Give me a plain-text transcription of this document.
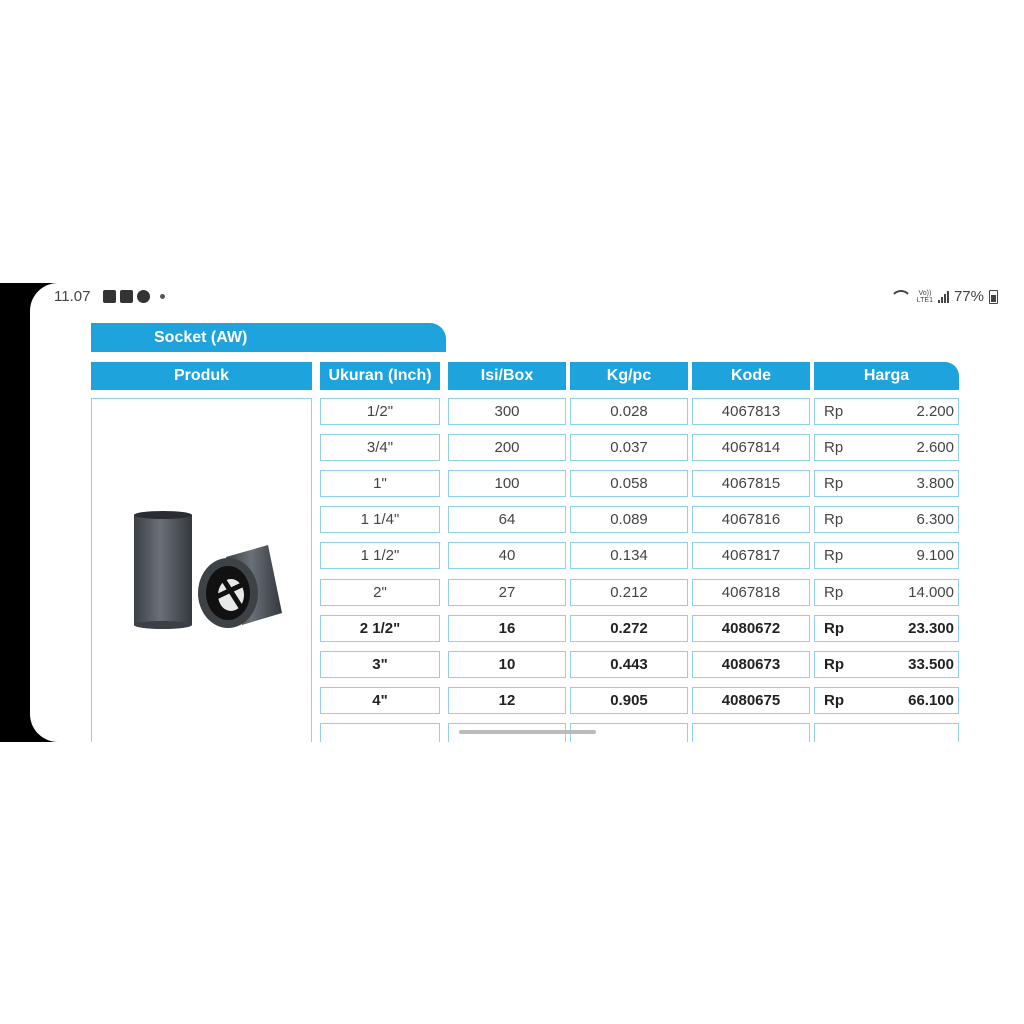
11.07	Vo))
LTE1 77%
Socket (AW)
Produk	Ukuran (Inch)	Isi/Box	Kg/pc	Kode	Harga
1/2"	300	0.028	4067813	Rp	2.200
3/4"	200	0.037	4067814	Rp	2.600
1"	100	0.058	4067815	Rp	3.800
1 1/4"	64	0.089	4067816	Rp	6.300
1 1/2"	40	0.134	4067817	Rp	9.100
2"	27	0.212	4067818	Rp	14.000
2 1/2"	16	0.272	4080672	Rp	23.300
3"	10	0.443	4080673	Rp	33.500
4"	12	0.905	4080675	Rp	66.100
